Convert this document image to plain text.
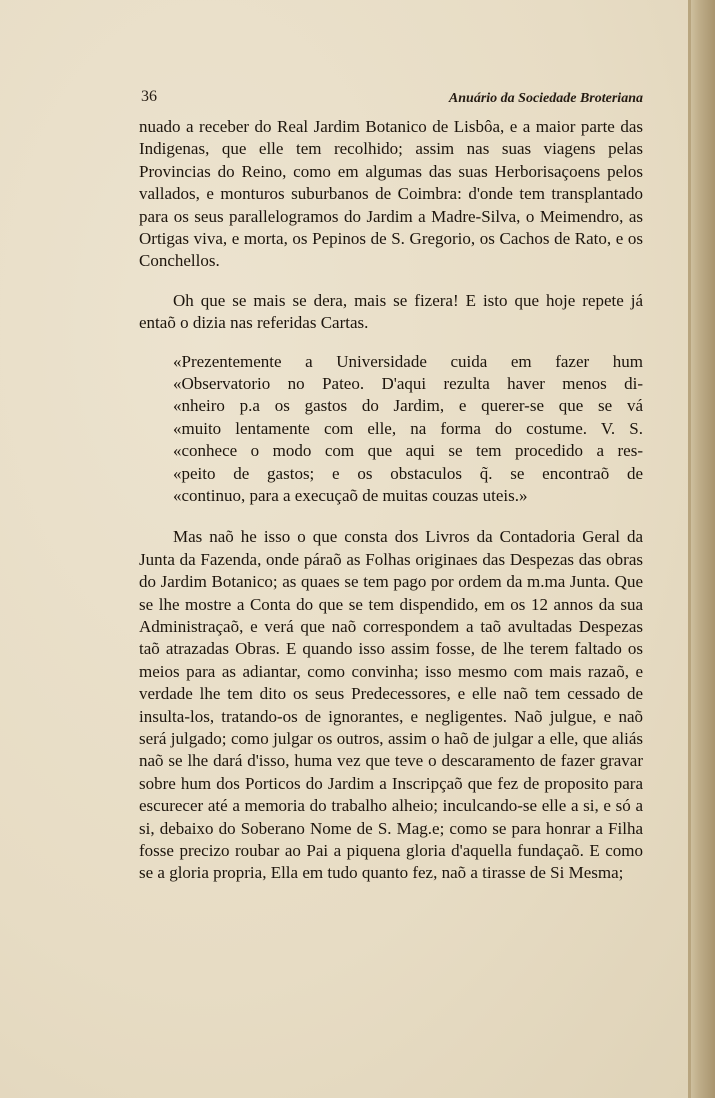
36	Anuário da Sociedade Broteriana

nuado a receber do Real Jardim Botanico de Lisbôa, e a maior parte das Indigenas, que elle tem recolhido; assim nas suas viagens pelas Provincias do Reino, como em algumas das suas Herborisaçoens pelos vallados, e monturos suburbanos de Coimbra: d'onde tem transplantado para os seus parallelogramos do Jardim a Madre-Silva, o Meimendro, as Ortigas viva, e morta, os Pepinos de S. Gregorio, os Cachos de Rato, e os Conchellos.

Oh que se mais se dera, mais se fizera! E isto que hoje repete já entaõ o dizia nas referidas Cartas.

«Prezentemente a Universidade cuida em fazer hum
«Observatorio no Pateo. D'aqui rezulta haver menos di-
«nheiro p.a os gastos do Jardim, e querer-se que se vá
«muito lentamente com elle, na forma do costume. V. S.
«conhece o modo com que aqui se tem procedido a res-
«peito de gastos; e os obstaculos q̃. se encontraõ de
«continuo, para a execuçaõ de muitas couzas uteis.»

Mas naõ he isso o que consta dos Livros da Contadoria Geral da Junta da Fazenda, onde páraõ as Folhas originaes das Despezas das obras do Jardim Botanico; as quaes se tem pago por ordem da m.ma Junta. Que se lhe mostre a Conta do que se tem dispendido, em os 12 annos da sua Administraçaõ, e verá que naõ correspondem a taõ avultadas Despezas taõ atrazadas Obras. E quando isso assim fosse, de lhe terem faltado os meios para as adiantar, como convinha; isso mesmo com mais razaõ, e verdade lhe tem dito os seus Predecessores, e elle naõ tem cessado de insulta-los, tratando-os de ignorantes, e negligentes. Naõ julgue, e naõ será julgado; como julgar os outros, assim o haõ de julgar a elle, que aliás naõ se lhe dará d'isso, huma vez que teve o descaramento de fazer gravar sobre hum dos Porticos do Jardim a Inscripçaõ que fez de proposito para escurecer até a memoria do trabalho alheio; inculcando-se elle a si, e só a si, debaixo do Soberano Nome de S. Mag.e; como se para honrar a Filha fosse precizo roubar ao Pai a piquena gloria d'aquella fundaçaõ. E como se a gloria propria, Ella em tudo quanto fez, naõ a tirasse de Si Mesma;
